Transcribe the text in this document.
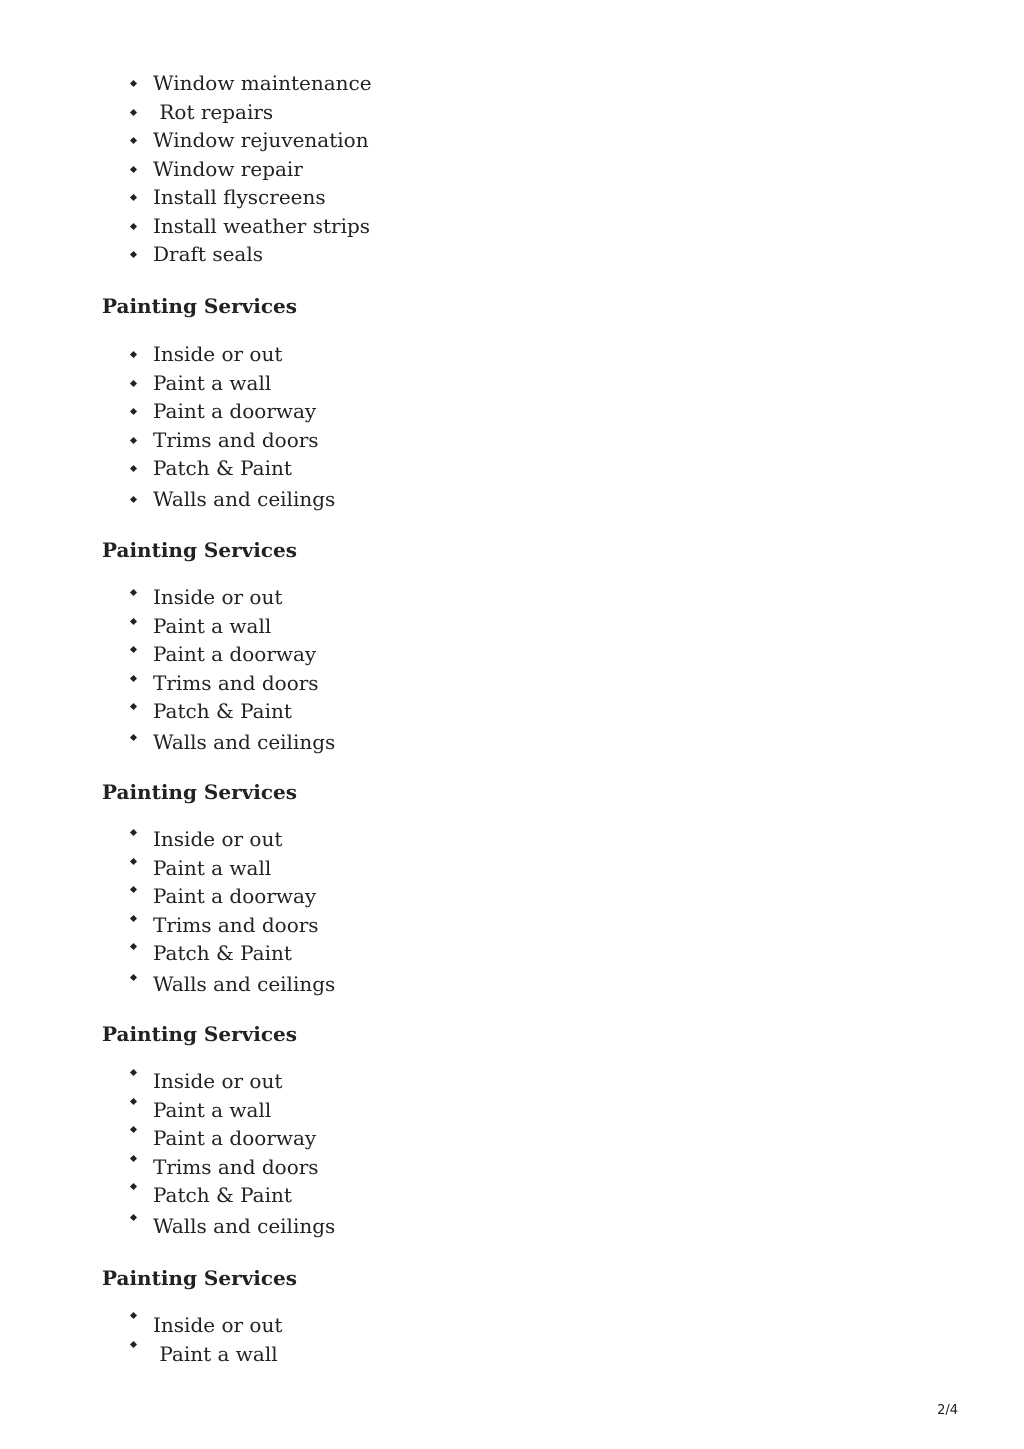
Window maintenance
Rot repairs
Window rejuvenation
Window repair
Install flyscreens
Install weather strips
Draft seals
Painting Services
Inside or out
Paint a wall
Paint a doorway
Trims and doors
Patch & Paint
Walls and ceilings
Painting Services
Inside or out
Paint a wall
Paint a doorway
Trims and doors
Patch & Paint
Walls and ceilings
Painting Services
Inside or out
Paint a wall
Paint a doorway
Trims and doors
Patch & Paint
Walls and ceilings
Painting Services
Inside or out
Paint a wall
Paint a doorway
Trims and doors
Patch & Paint
Walls and ceilings
Painting Services
Inside or out
Paint a wall
2/4
